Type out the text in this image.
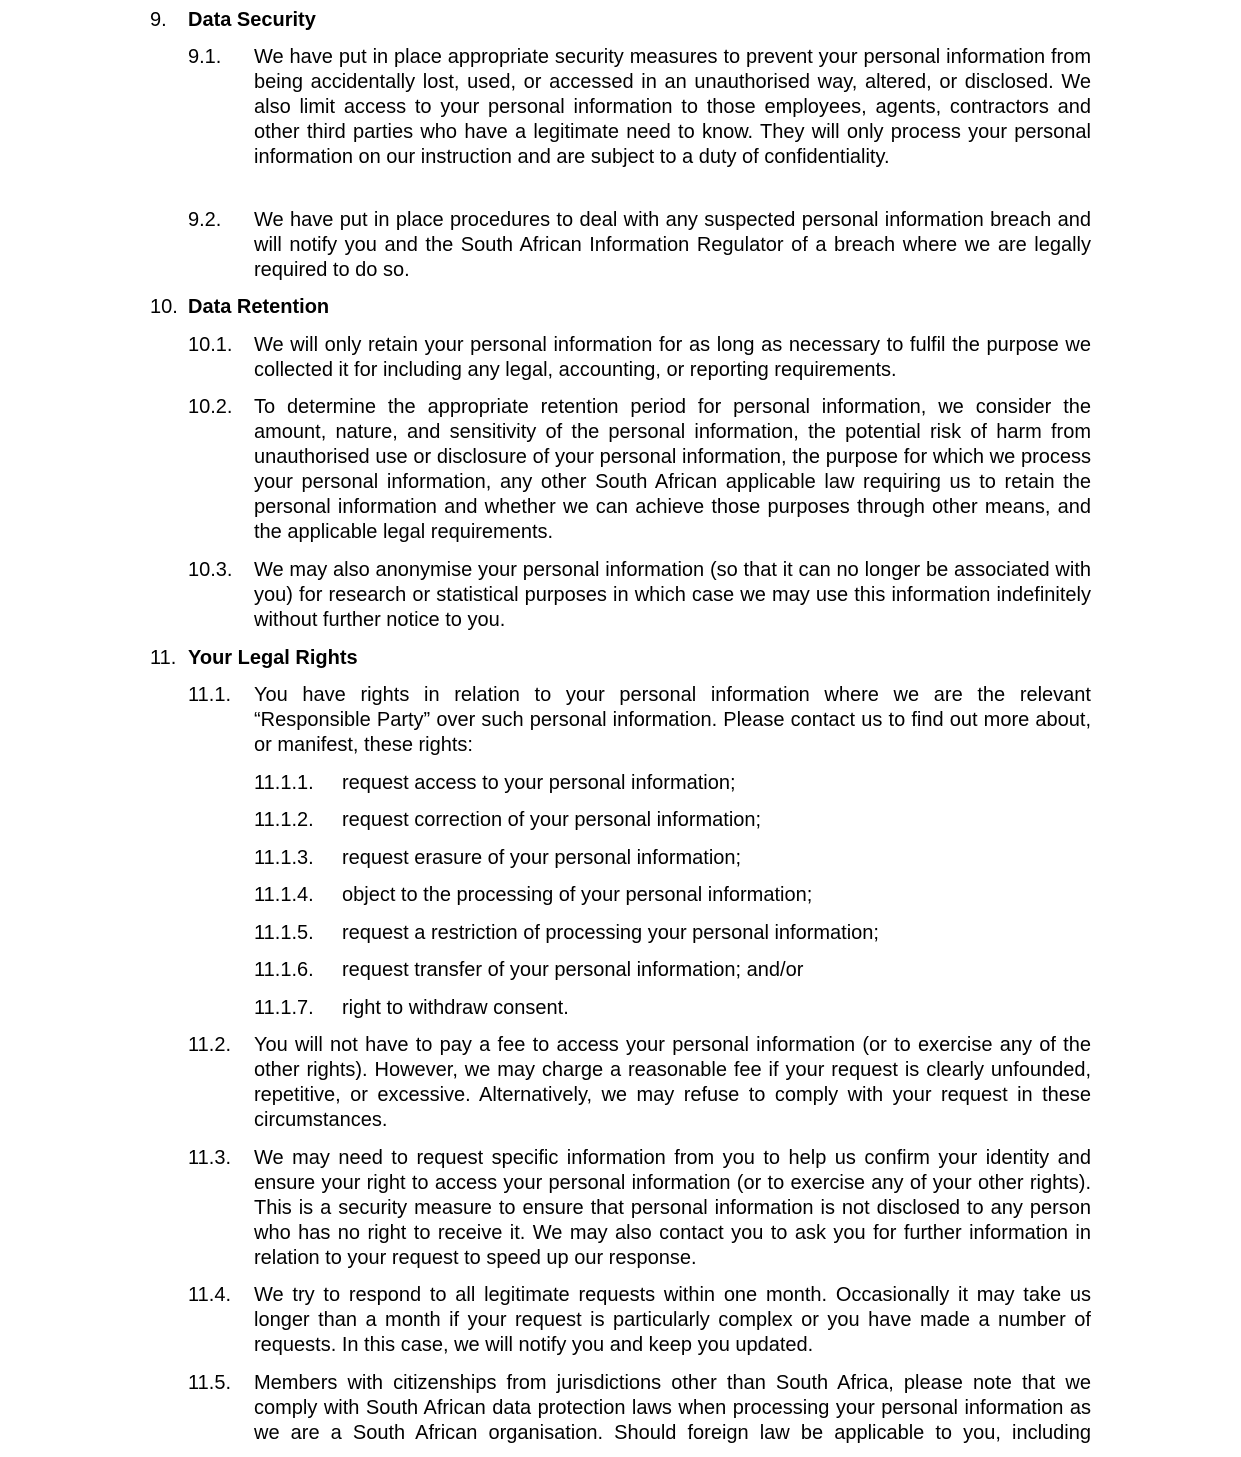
9. Data Security
9.1. We have put in place appropriate security measures to prevent your personal information from being accidentally lost, used, or accessed in an unauthorised way, altered, or disclosed. We also limit access to your personal information to those employees, agents, contractors and other third parties who have a legitimate need to know. They will only process your personal information on our instruction and are subject to a duty of confidentiality.
9.2. We have put in place procedures to deal with any suspected personal information breach and will notify you and the South African Information Regulator of a breach where we are legally required to do so.
10. Data Retention
10.1. We will only retain your personal information for as long as necessary to fulfil the purpose we collected it for including any legal, accounting, or reporting requirements.
10.2. To determine the appropriate retention period for personal information, we consider the amount, nature, and sensitivity of the personal information, the potential risk of harm from unauthorised use or disclosure of your personal information, the purpose for which we process your personal information, any other South African applicable law requiring us to retain the personal information and whether we can achieve those purposes through other means, and the applicable legal requirements.
10.3. We may also anonymise your personal information (so that it can no longer be associated with you) for research or statistical purposes in which case we may use this information indefinitely without further notice to you.
11. Your Legal Rights
11.1. You have rights in relation to your personal information where we are the relevant “Responsible Party” over such personal information. Please contact us to find out more about, or manifest, these rights:
11.1.1. request access to your personal information;
11.1.2. request correction of your personal information;
11.1.3. request erasure of your personal information;
11.1.4. object to the processing of your personal information;
11.1.5. request a restriction of processing your personal information;
11.1.6. request transfer of your personal information; and/or
11.1.7. right to withdraw consent.
11.2. You will not have to pay a fee to access your personal information (or to exercise any of the other rights). However, we may charge a reasonable fee if your request is clearly unfounded, repetitive, or excessive. Alternatively, we may refuse to comply with your request in these circumstances.
11.3. We may need to request specific information from you to help us confirm your identity and ensure your right to access your personal information (or to exercise any of your other rights). This is a security measure to ensure that personal information is not disclosed to any person who has no right to receive it. We may also contact you to ask you for further information in relation to your request to speed up our response.
11.4. We try to respond to all legitimate requests within one month. Occasionally it may take us longer than a month if your request is particularly complex or you have made a number of requests. In this case, we will notify you and keep you updated.
11.5. Members with citizenships from jurisdictions other than South Africa, please note that we comply with South African data protection laws when processing your personal information as we are a South African organisation. Should foreign law be applicable to you, including
